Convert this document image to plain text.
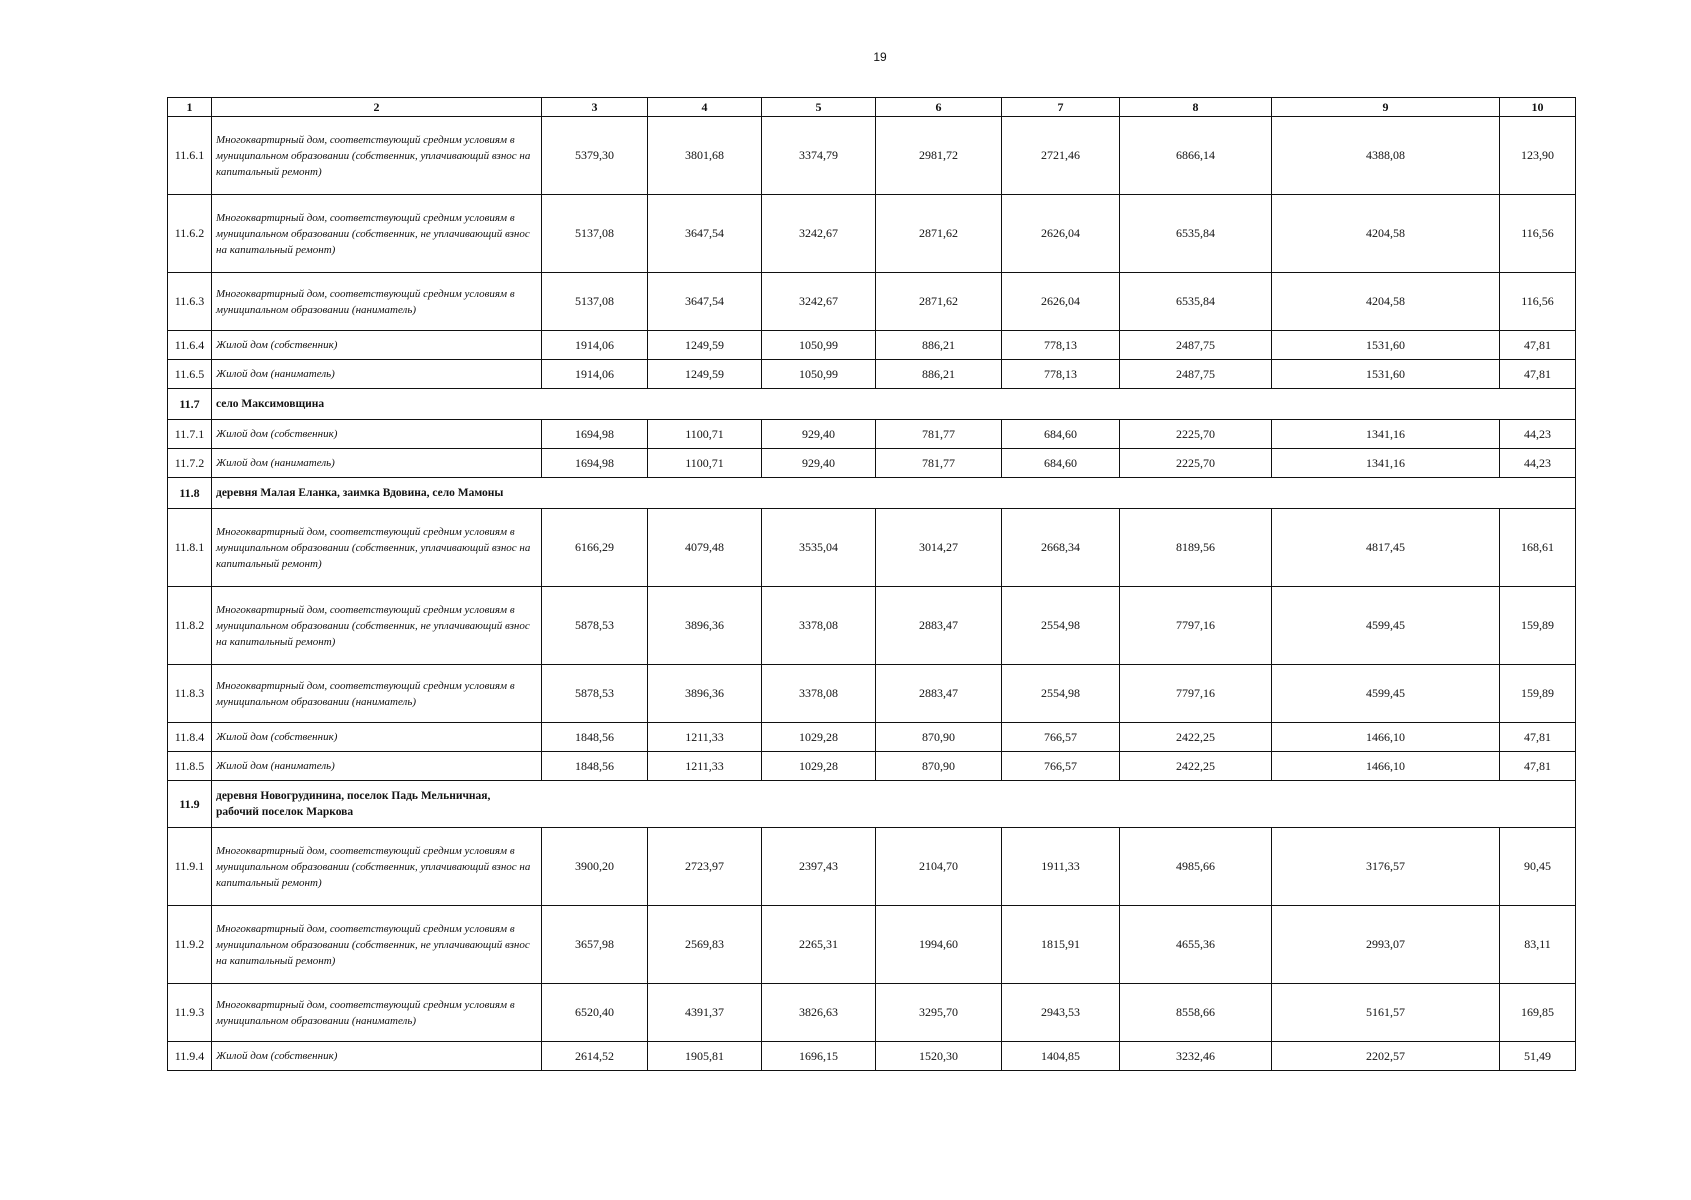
19
1	2	3	4	5	6	7	8	9	10
11.6.1	Многоквартирный дом, соответствующий средним условиям в муниципальном образовании (собственник, уплачивающий взнос на капитальный ремонт)	5379,30	3801,68	3374,79	2981,72	2721,46	6866,14	4388,08	123,90
11.6.2	Многоквартирный дом, соответствующий средним условиям в муниципальном образовании (собственник, не уплачивающий взнос на капитальный ремонт)	5137,08	3647,54	3242,67	2871,62	2626,04	6535,84	4204,58	116,56
11.6.3	Многоквартирный дом, соответствующий средним условиям в муниципальном образовании (наниматель)	5137,08	3647,54	3242,67	2871,62	2626,04	6535,84	4204,58	116,56
11.6.4	Жилой дом (собственник)	1914,06	1249,59	1050,99	886,21	778,13	2487,75	1531,60	47,81
11.6.5	Жилой дом (наниматель)	1914,06	1249,59	1050,99	886,21	778,13	2487,75	1531,60	47,81
11.7	село Максимовщина								

11.7.1	Жилой дом (собственник)	1694,98	1100,71	929,40	781,77	684,60	2225,70	1341,16	44,23
11.7.2	Жилой дом (наниматель)	1694,98	1100,71	929,40	781,77	684,60	2225,70	1341,16	44,23
11.8	деревня Малая Еланка, заимка Вдовина, село Мамоны								

11.8.1	Многоквартирный дом, соответствующий средним условиям в муниципальном образовании (собственник, уплачивающий взнос на капитальный ремонт)	6166,29	4079,48	3535,04	3014,27	2668,34	8189,56	4817,45	168,61
11.8.2	Многоквартирный дом, соответствующий средним условиям в муниципальном образовании (собственник, не уплачивающий взнос на капитальный ремонт)	5878,53	3896,36	3378,08	2883,47	2554,98	7797,16	4599,45	159,89
11.8.3	Многоквартирный дом, соответствующий средним условиям в муниципальном образовании (наниматель)	5878,53	3896,36	3378,08	2883,47	2554,98	7797,16	4599,45	159,89
11.8.4	Жилой дом (собственник)	1848,56	1211,33	1029,28	870,90	766,57	2422,25	1466,10	47,81
11.8.5	Жилой дом (наниматель)	1848,56	1211,33	1029,28	870,90	766,57	2422,25	1466,10	47,81
11.9	деревня Новогрудинина, поселок Падь Мельничная, рабочий поселок Маркова								

11.9.1	Многоквартирный дом, соответствующий средним условиям в муниципальном образовании (собственник, уплачивающий взнос на капитальный ремонт)	3900,20	2723,97	2397,43	2104,70	1911,33	4985,66	3176,57	90,45
11.9.2	Многоквартирный дом, соответствующий средним условиям в муниципальном образовании (собственник, не уплачивающий взнос на капитальный ремонт)	3657,98	2569,83	2265,31	1994,60	1815,91	4655,36	2993,07	83,11
11.9.3	Многоквартирный дом, соответствующий средним условиям в муниципальном образовании (наниматель)	6520,40	4391,37	3826,63	3295,70	2943,53	8558,66	5161,57	169,85
11.9.4	Жилой дом (собственник)	2614,52	1905,81	1696,15	1520,30	1404,85	3232,46	2202,57	51,49
